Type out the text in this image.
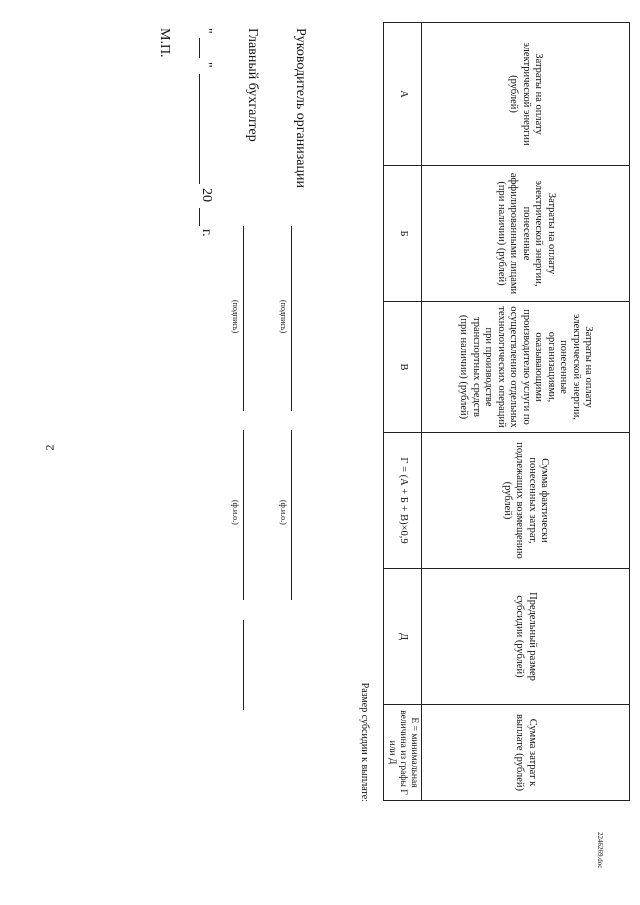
2
Затраты на оплату электрической энергии (рублей)	Затраты на оплату электрической энергии, понесенные аффилированными лицами (при наличии) (рублей)	Затраты на оплату электрической энергии, понесенные организациями, оказывающими производителю услуги по осуществлению отдельных технологических операций при производстве транспортных средств (при наличии) (рублей)	Сумма фактически понесенных затрат, подлежащих возмещению (рублей)	Предельный размер субсидии (рублей)	Сумма затрат к выплате (рублей)
А	Б	В	Г = (А + Б + В)×0,9	Д	Е = минимальная величина из графы Г или Д
Размер субсидии к выплате:
Руководитель организации
(подпись)
(ф.и.о.)
Главный бухгалтер
(подпись)
(ф.и.о.)
"
"
20
г.
М.П.
2246269.doc
